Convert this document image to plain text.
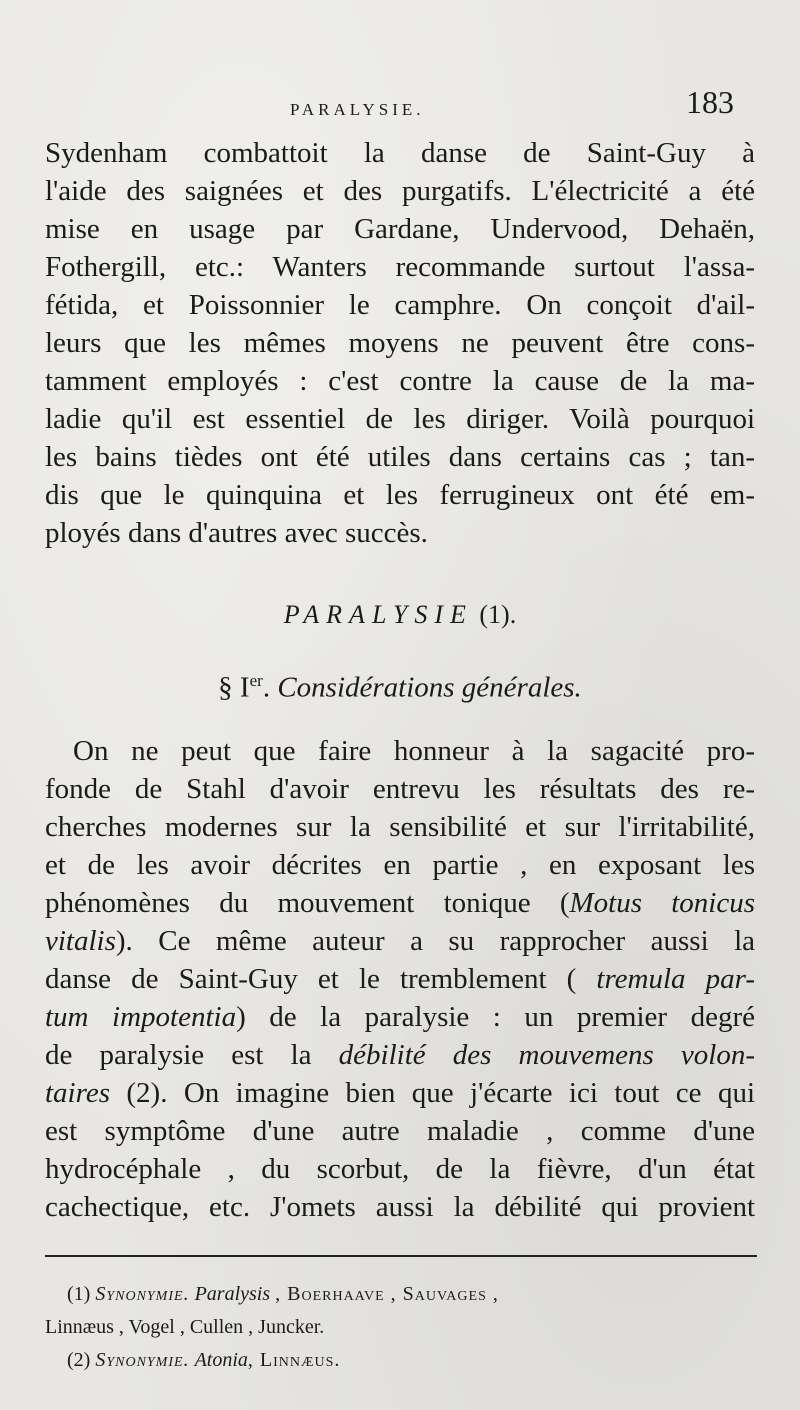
PARALYSIE.	183
Sydenham combattoit la danse de Saint-Guy à
l'aide des saignées et des purgatifs. L'électricité a été
mise en usage par Gardane, Undervood, Dehaën,
Fothergill, etc.: Wanters recommande surtout l'assa-
fétida, et Poissonnier le camphre. On conçoit d'ail-
leurs que les mêmes moyens ne peuvent être cons-
tamment employés : c'est contre la cause de la ma-
ladie qu'il est essentiel de les diriger. Voilà pourquoi
les bains tièdes ont été utiles dans certains cas ; tan-
dis que le quinquina et les ferrugineux ont été em-
ployés dans d'autres avec succès.
PARALYSIE (1).
§ Ier. Considérations générales.
On ne peut que faire honneur à la sagacité pro-
fonde de Stahl d'avoir entrevu les résultats des re-
cherches modernes sur la sensibilité et sur l'irritabilité,
et de les avoir décrites en partie , en exposant les
phénomènes du mouvement tonique (Motus tonicus
vitalis). Ce même auteur a su rapprocher aussi la
danse de Saint-Guy et le tremblement ( tremula par-
tum impotentia) de la paralysie : un premier degré
de paralysie est la débilité des mouvemens volon-
taires (2). On imagine bien que j'écarte ici tout ce qui
est symptôme d'une autre maladie , comme d'une
hydrocéphale , du scorbut, de la fièvre, d'un état
cachectique, etc. J'omets aussi la débilité qui provient
(1) Synonymie. Paralysis , Boerhaave , Sauvages ,
Linnæus , Vogel , Cullen , Juncker.
(2) Synonymie. Atonia, Linnæus.
